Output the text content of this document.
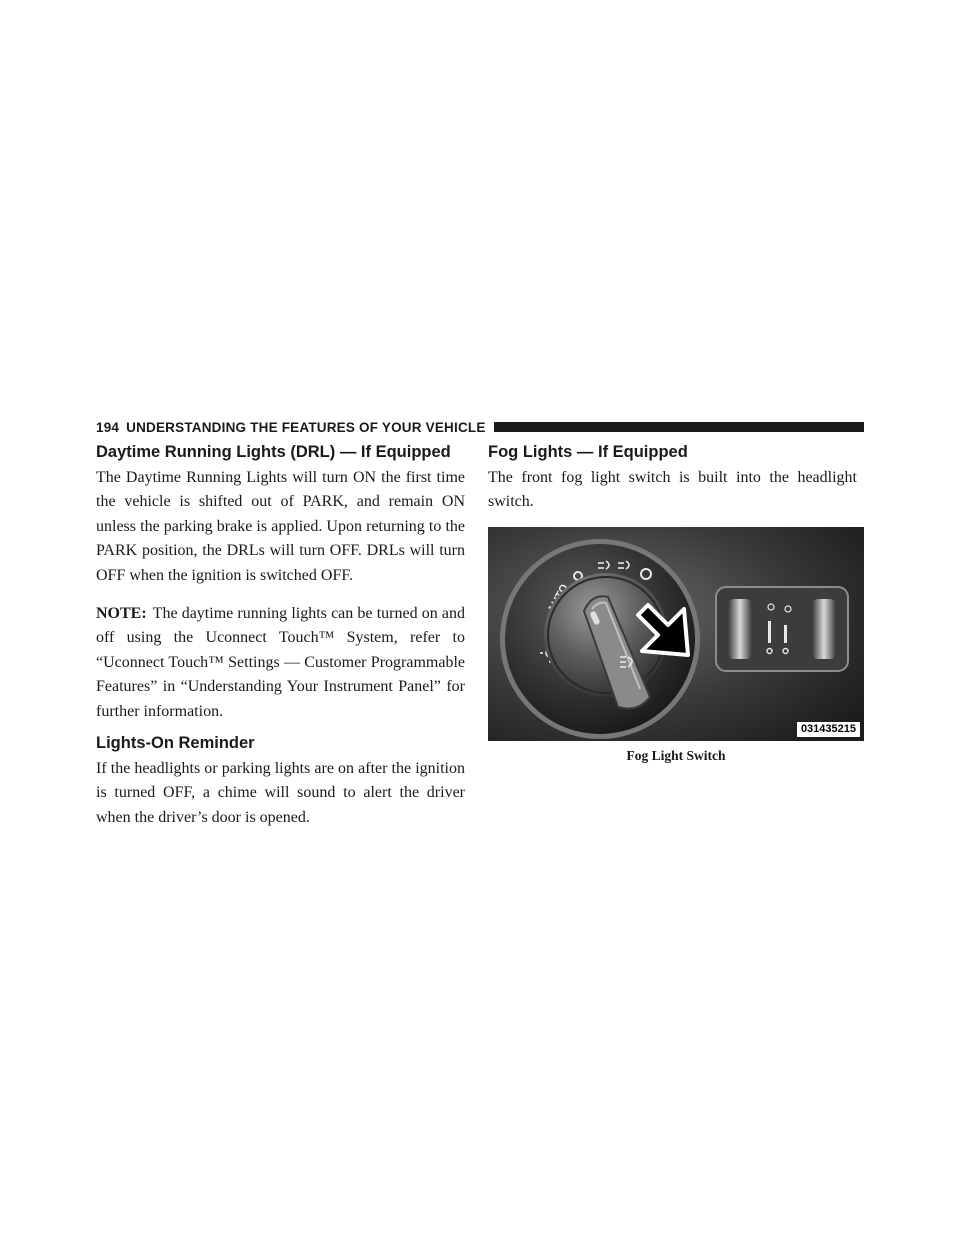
194 UNDERSTANDING THE FEATURES OF YOUR VEHICLE
Daytime Running Lights (DRL) — If Equipped

The Daytime Running Lights will turn ON the first time the vehicle is shifted out of PARK, and remain ON unless the parking brake is applied. Upon returning to the PARK position, the DRLs will turn OFF. DRLs will turn OFF when the ignition is switched OFF.

NOTE: The daytime running lights can be turned on and off using the Uconnect Touch™ System, refer to “Uconnect Touch™ Settings — Customer Programmable Features” in “Understanding Your Instrument Panel” for further information.

Lights-On Reminder

If the headlights or parking lights are on after the ignition is turned OFF, a chime will sound to alert the driver when the driver’s door is opened.

Fog Lights — If Equipped

The front fog light switch is built into the headlight switch.

031435215
Fog Light Switch
